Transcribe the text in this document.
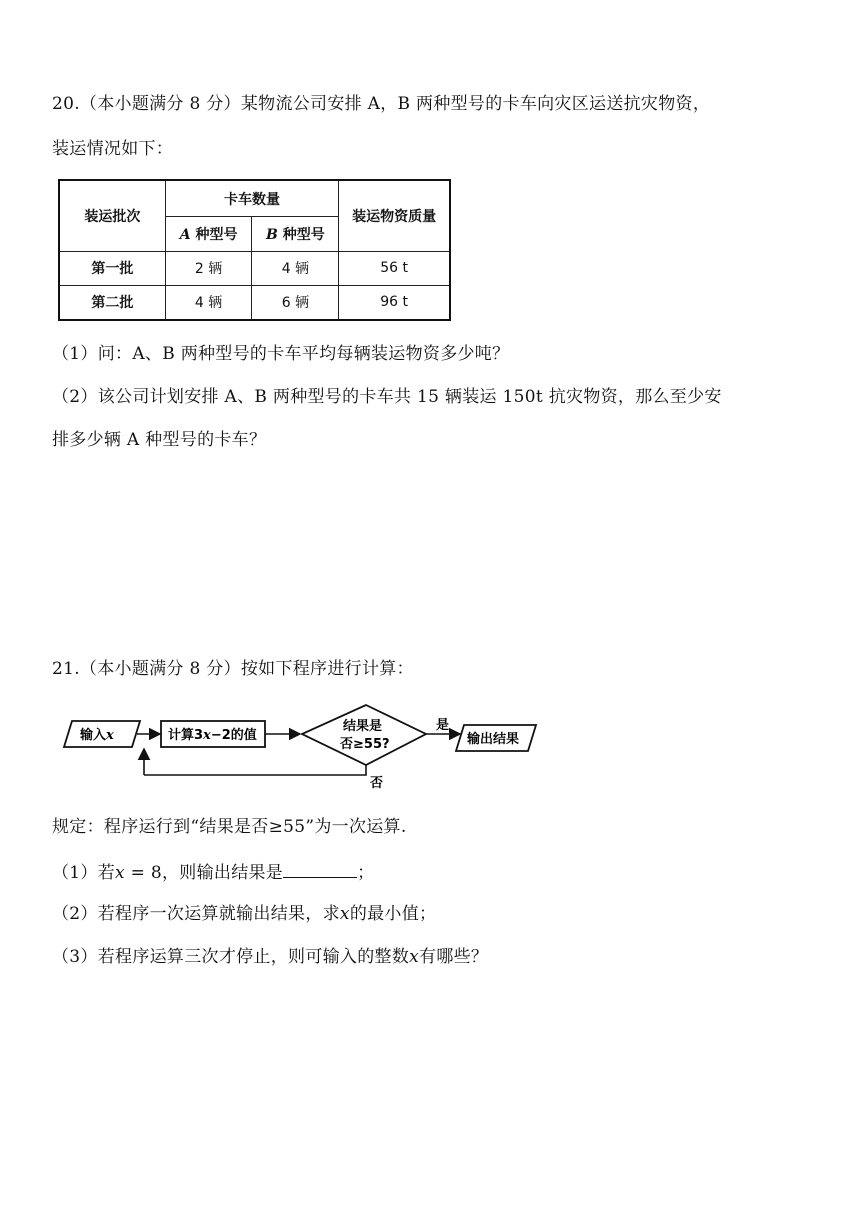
20.（本小题满分 8 分）某物流公司安排 A，B 两种型号的卡车向灾区运送抗灾物资，
装运情况如下：
装运批次	卡车数量		装运物资质量
	A 种型号	B 种型号	
第一批	2 辆	4 辆	56 t
第二批	4 辆	6 辆	96 t
（1）问：A、B 两种型号的卡车平均每辆装运物资多少吨？
（2）该公司计划安排 A、B 两种型号的卡车共 15 辆装运 150t 抗灾物资，那么至少安
排多少辆 A 种型号的卡车？
21.（本小题满分 8 分）按如下程序进行计算：
输入x	计算3x−2的值
结果是
否≥55?
是
输出结果
否
规定：程序运行到“结果是否≥55”为一次运算.
（1）若x = 8，则输出结果是	；
（2）若程序一次运算就输出结果，求x的最小值；
（3）若程序运算三次才停止，则可输入的整数x有哪些？
